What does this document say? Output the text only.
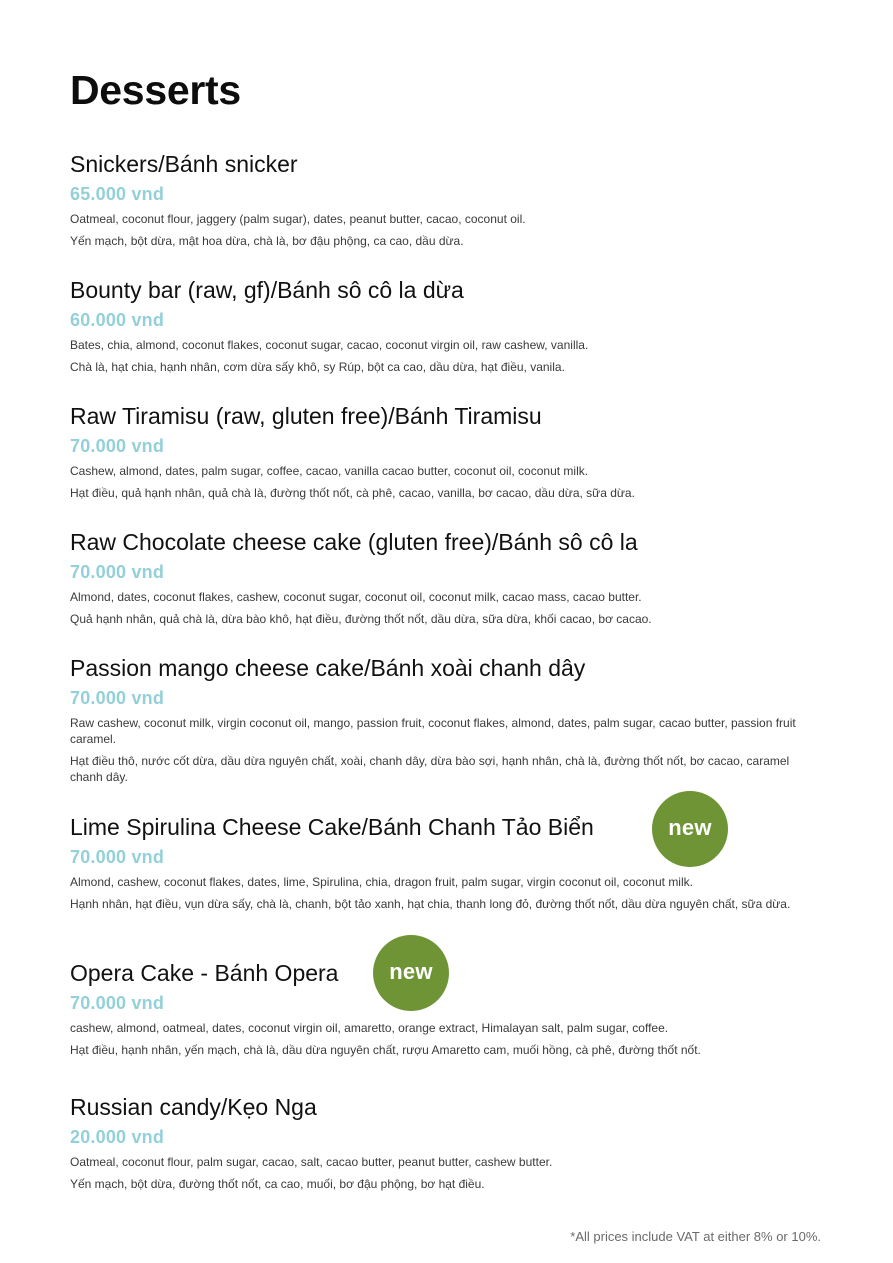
Desserts
Snickers/Bánh snicker
65.000 vnd
Oatmeal, coconut flour, jaggery (palm sugar), dates, peanut butter, cacao, coconut oil.
Yến mạch, bột dừa, mật hoa dừa, chà là, bơ đậu phộng, ca cao, dầu dừa.
Bounty bar (raw, gf)/Bánh sô cô la dừa
60.000 vnd
Bates, chia, almond, coconut flakes, coconut sugar, cacao, coconut virgin oil, raw cashew, vanilla.
Chà là, hạt chia, hạnh nhân, cơm dừa sấy khô, sy Rúp, bột ca cao, dầu dừa, hạt điều, vanila.
Raw Tiramisu (raw, gluten free)/Bánh Tiramisu
70.000 vnd
Cashew, almond, dates, palm sugar, coffee, cacao, vanilla cacao butter, coconut oil, coconut milk.
Hạt điều, quả hạnh nhân, quả chà là, đường thốt nốt, cà phê, cacao, vanilla, bơ cacao, dầu dừa, sữa dừa.
Raw Chocolate cheese cake (gluten free)/Bánh sô cô la
70.000 vnd
Almond, dates, coconut flakes, cashew, coconut sugar, coconut oil, coconut milk, cacao mass, cacao butter.
Quả hạnh nhân, quả chà là, dừa bào khô, hạt điều, đường thốt nốt, dầu dừa, sữa dừa, khối cacao, bơ cacao.
Passion mango cheese cake/Bánh xoài chanh dây
70.000 vnd
Raw cashew, coconut milk, virgin coconut oil, mango, passion fruit, coconut flakes, almond, dates, palm sugar, cacao butter, passion fruit caramel.
Hạt điều thô, nước cốt dừa, dầu dừa nguyên chất, xoài, chanh dây, dừa bào sợi, hạnh nhân, chà là, đường thốt nốt, bơ cacao, caramel chanh dây.
Lime Spirulina Cheese Cake/Bánh Chanh Tảo Biển
70.000 vnd
Almond, cashew, coconut flakes, dates, lime, Spirulina, chia, dragon fruit, palm sugar, virgin coconut oil, coconut milk.
Hạnh nhân, hạt điều, vụn dừa sấy, chà là, chanh, bột tảo xanh, hạt chia, thanh long đỏ, đường thốt nốt, dầu dừa nguyên chất, sữa dừa.
new
Opera Cake - Bánh Opera
70.000 vnd
cashew, almond, oatmeal, dates, coconut virgin oil, amaretto, orange extract, Himalayan salt, palm sugar, coffee.
Hạt điều, hạnh nhân, yến mạch, chà là, dầu dừa nguyên chất, rượu Amaretto cam, muối hồng, cà phê, đường thốt nốt.
new
Russian candy/Kẹo Nga
20.000 vnd
Oatmeal, coconut flour, palm sugar, cacao, salt, cacao butter, peanut butter, cashew butter.
Yến mạch, bột dừa, đường thốt nốt, ca cao, muối, bơ đậu phộng, bơ hạt điều.
*All prices include VAT at either 8% or 10%.
